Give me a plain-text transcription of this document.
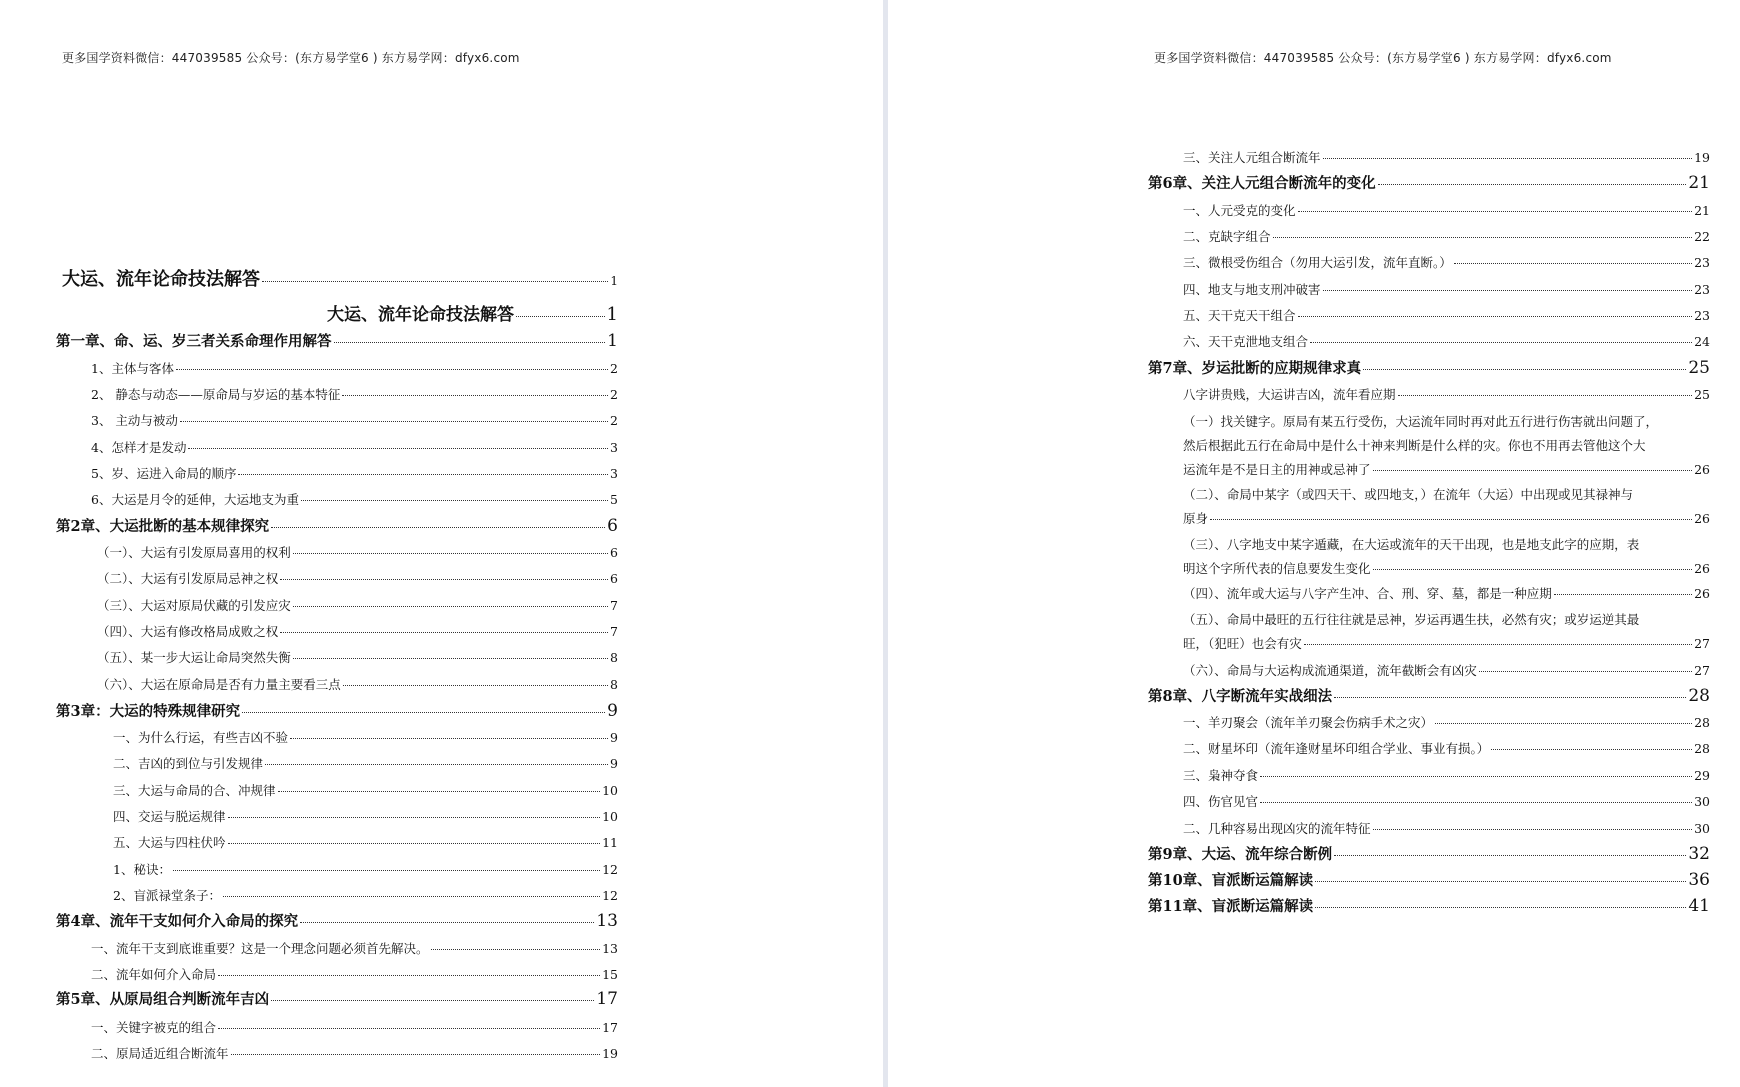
更多国学资料微信：447039585 公众号：(东方易学堂6 ) 东方易学网：dfyx6.com
大运、流年论命技法解答	1
大运、流年论命技法解答	1
第一章、命、运、岁三者关系命理作用解答	1
1、主体与客体	2
2、 静态与动态——原命局与岁运的基本特征	2
3、 主动与被动	2
4、怎样才是发动	3
5、岁、运进入命局的顺序	3
6、大运是月令的延伸，大运地支为重	5
第2章、大运批断的基本规律探究	6
（一）、大运有引发原局喜用的权利	6
（二）、大运有引发原局忌神之权	6
（三）、大运对原局伏藏的引发应灾	7
（四）、大运有修改格局成败之权	7
（五）、某一步大运让命局突然失衡	8
（六）、大运在原命局是否有力量主要看三点	8
第3章：大运的特殊规律研究	9
一、为什么行运，有些吉凶不验	9
二、吉凶的到位与引发规律	9
三、大运与命局的合、冲规律	10
四、交运与脱运规律	10
五、大运与四柱伏吟	11
1、秘诀：	12
2、盲派禄堂条子：	12
第4章、流年干支如何介入命局的探究	13
一、流年干支到底谁重要？这是一个理念问题必须首先解决。	13
二、流年如何介入命局	15
第5章、从原局组合判断流年吉凶	17
一、关键字被克的组合	17
二、原局适近组合断流年	19
更多国学资料微信：447039585 公众号：(东方易学堂6 ) 东方易学网：dfyx6.com
三、关注人元组合断流年	19
第6章、关注人元组合断流年的变化	21
一、人元受克的变化	21
二、克缺字组合	22
三、微根受伤组合（勿用大运引发，流年直断。）	23
四、地支与地支刑冲破害	23
五、天干克天干组合	23
六、天干克泄地支组合	24
第7章、岁运批断的应期规律求真	25
八字讲贵贱，大运讲吉凶，流年看应期	25
（一）找关键字。原局有某五行受伤，大运流年同时再对此五行进行伤害就出问题了，
然后根据此五行在命局中是什么十神来判断是什么样的灾。你也不用再去管他这个大
运流年是不是日主的用神或忌神了	26
（二）、命局中某字（或四天干、或四地支，）在流年（大运）中出现或见其禄神与
原身	26
（三）、八字地支中某字遁藏，在大运或流年的天干出现，也是地支此字的应期，表
明这个字所代表的信息要发生变化	26
（四）、流年或大运与八字产生冲、合、刑、穿、墓，都是一种应期	26
（五）、命局中最旺的五行往往就是忌神，岁运再遇生扶，必然有灾；或岁运逆其最
旺，（犯旺）也会有灾	27
（六）、命局与大运构成流通渠道，流年截断会有凶灾	27
第8章、八字断流年实战细法	28
一、羊刃聚会（流年羊刃聚会伤病手术之灾）	28
二、财星坏印（流年逢财星坏印组合学业、事业有损。）	28
三、枭神夺食	29
四、伤官见官	30
二、几种容易出现凶灾的流年特征	30
第9章、大运、流年综合断例	32
第10章、盲派断运篇解读	36
第11章、盲派断运篇解读	41
